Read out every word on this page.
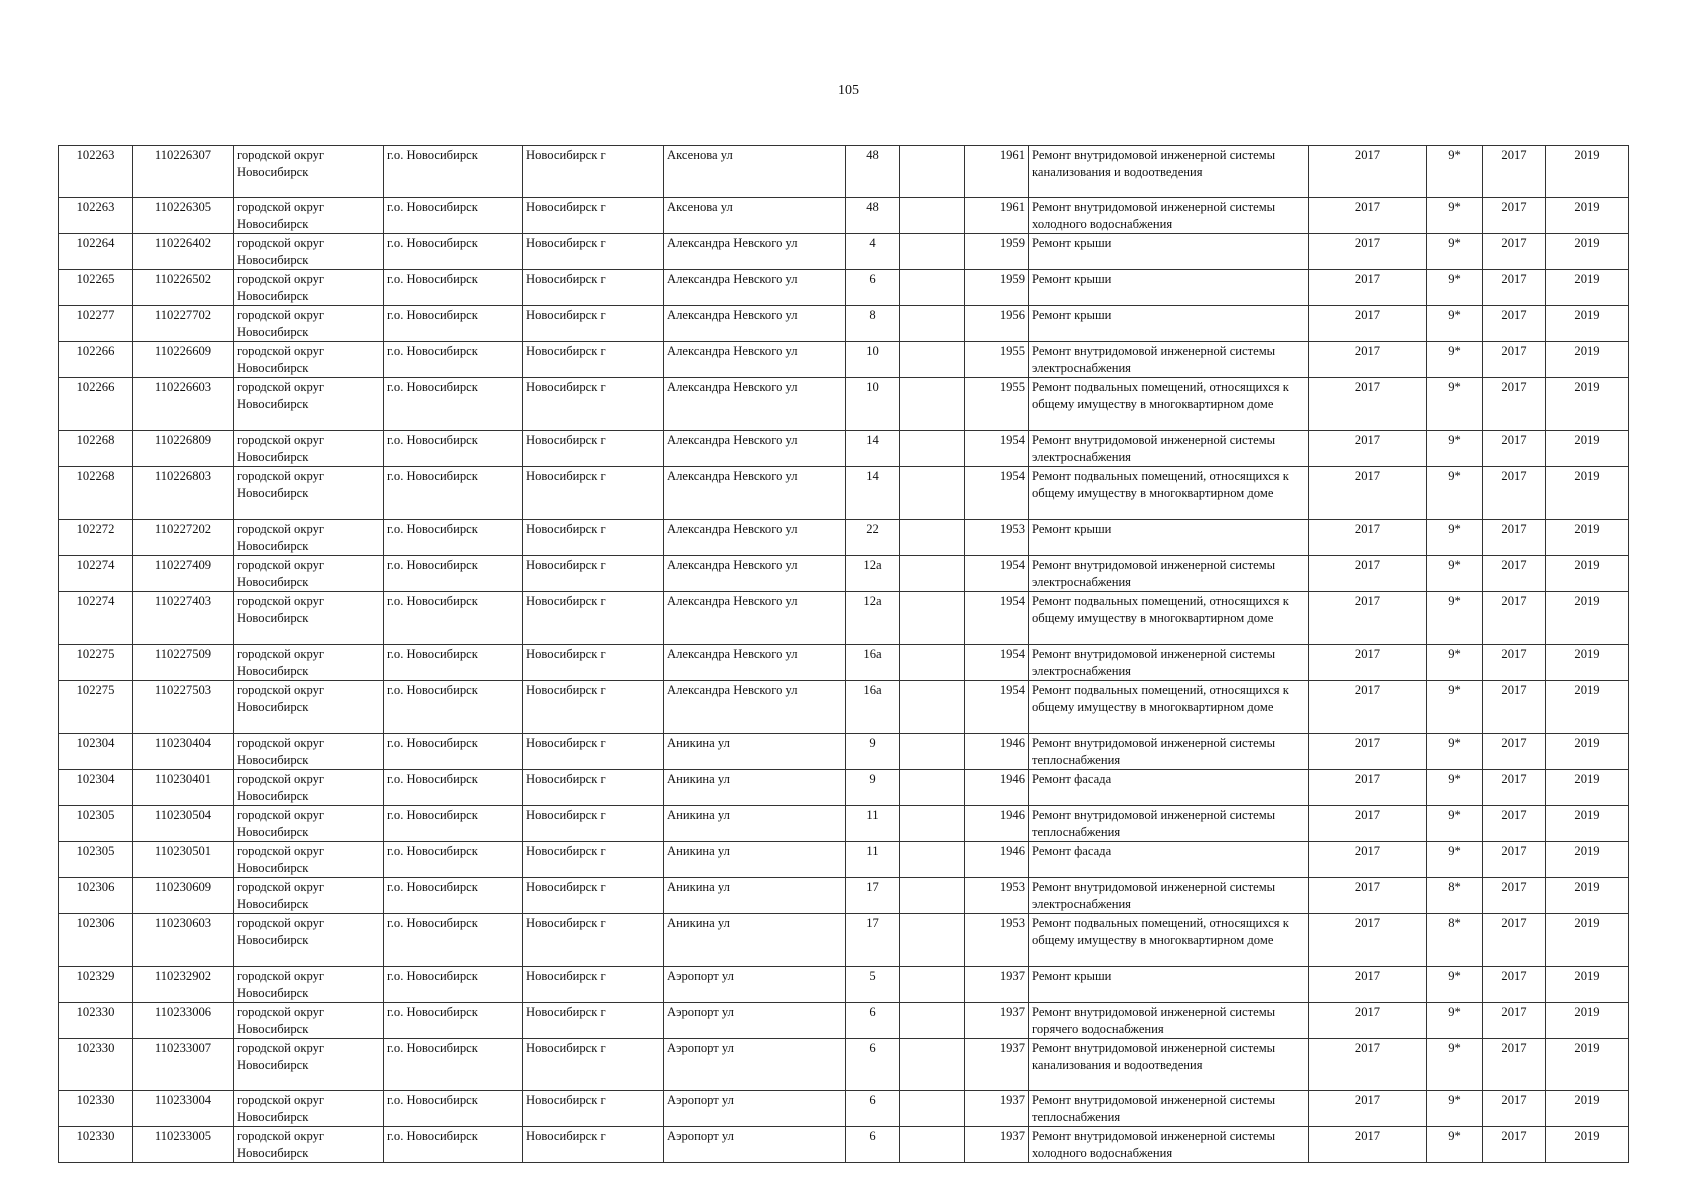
105
102263	110226307	городской округ Новосибирск	г.о. Новосибирск	Новосибирск г	Аксенова ул	48		1961	Ремонт внутридомовой инженерной системы канализования и водоотведения	2017	9*	2017	2019
102263	110226305	городской округ Новосибирск	г.о. Новосибирск	Новосибирск г	Аксенова ул	48		1961	Ремонт внутридомовой инженерной системы холодного водоснабжения	2017	9*	2017	2019
102264	110226402	городской округ Новосибирск	г.о. Новосибирск	Новосибирск г	Александра Невского ул	4		1959	Ремонт крыши	2017	9*	2017	2019
102265	110226502	городской округ Новосибирск	г.о. Новосибирск	Новосибирск г	Александра Невского ул	6		1959	Ремонт крыши	2017	9*	2017	2019
102277	110227702	городской округ Новосибирск	г.о. Новосибирск	Новосибирск г	Александра Невского ул	8		1956	Ремонт крыши	2017	9*	2017	2019
102266	110226609	городской округ Новосибирск	г.о. Новосибирск	Новосибирск г	Александра Невского ул	10		1955	Ремонт внутридомовой инженерной системы электроснабжения	2017	9*	2017	2019
102266	110226603	городской округ Новосибирск	г.о. Новосибирск	Новосибирск г	Александра Невского ул	10		1955	Ремонт подвальных помещений, относящихся к общему имуществу в многоквартирном доме	2017	9*	2017	2019
102268	110226809	городской округ Новосибирск	г.о. Новосибирск	Новосибирск г	Александра Невского ул	14		1954	Ремонт внутридомовой инженерной системы электроснабжения	2017	9*	2017	2019
102268	110226803	городской округ Новосибирск	г.о. Новосибирск	Новосибирск г	Александра Невского ул	14		1954	Ремонт подвальных помещений, относящихся к общему имуществу в многоквартирном доме	2017	9*	2017	2019
102272	110227202	городской округ Новосибирск	г.о. Новосибирск	Новосибирск г	Александра Невского ул	22		1953	Ремонт крыши	2017	9*	2017	2019
102274	110227409	городской округ Новосибирск	г.о. Новосибирск	Новосибирск г	Александра Невского ул	12а		1954	Ремонт внутридомовой инженерной системы электроснабжения	2017	9*	2017	2019
102274	110227403	городской округ Новосибирск	г.о. Новосибирск	Новосибирск г	Александра Невского ул	12а		1954	Ремонт подвальных помещений, относящихся к общему имуществу в многоквартирном доме	2017	9*	2017	2019
102275	110227509	городской округ Новосибирск	г.о. Новосибирск	Новосибирск г	Александра Невского ул	16а		1954	Ремонт внутридомовой инженерной системы электроснабжения	2017	9*	2017	2019
102275	110227503	городской округ Новосибирск	г.о. Новосибирск	Новосибирск г	Александра Невского ул	16а		1954	Ремонт подвальных помещений, относящихся к общему имуществу в многоквартирном доме	2017	9*	2017	2019
102304	110230404	городской округ Новосибирск	г.о. Новосибирск	Новосибирск г	Аникина ул	9		1946	Ремонт внутридомовой инженерной системы теплоснабжения	2017	9*	2017	2019
102304	110230401	городской округ Новосибирск	г.о. Новосибирск	Новосибирск г	Аникина ул	9		1946	Ремонт фасада	2017	9*	2017	2019
102305	110230504	городской округ Новосибирск	г.о. Новосибирск	Новосибирск г	Аникина ул	11		1946	Ремонт внутридомовой инженерной системы теплоснабжения	2017	9*	2017	2019
102305	110230501	городской округ Новосибирск	г.о. Новосибирск	Новосибирск г	Аникина ул	11		1946	Ремонт фасада	2017	9*	2017	2019
102306	110230609	городской округ Новосибирск	г.о. Новосибирск	Новосибирск г	Аникина ул	17		1953	Ремонт внутридомовой инженерной системы электроснабжения	2017	8*	2017	2019
102306	110230603	городской округ Новосибирск	г.о. Новосибирск	Новосибирск г	Аникина ул	17		1953	Ремонт подвальных помещений, относящихся к общему имуществу в многоквартирном доме	2017	8*	2017	2019
102329	110232902	городской округ Новосибирск	г.о. Новосибирск	Новосибирск г	Аэропорт ул	5		1937	Ремонт крыши	2017	9*	2017	2019
102330	110233006	городской округ Новосибирск	г.о. Новосибирск	Новосибирск г	Аэропорт ул	6		1937	Ремонт внутридомовой инженерной системы горячего водоснабжения	2017	9*	2017	2019
102330	110233007	городской округ Новосибирск	г.о. Новосибирск	Новосибирск г	Аэропорт ул	6		1937	Ремонт внутридомовой инженерной системы канализования и водоотведения	2017	9*	2017	2019
102330	110233004	городской округ Новосибирск	г.о. Новосибирск	Новосибирск г	Аэропорт ул	6		1937	Ремонт внутридомовой инженерной системы теплоснабжения	2017	9*	2017	2019
102330	110233005	городской округ Новосибирск	г.о. Новосибирск	Новосибирск г	Аэропорт ул	6		1937	Ремонт внутридомовой инженерной системы холодного водоснабжения	2017	9*	2017	2019
